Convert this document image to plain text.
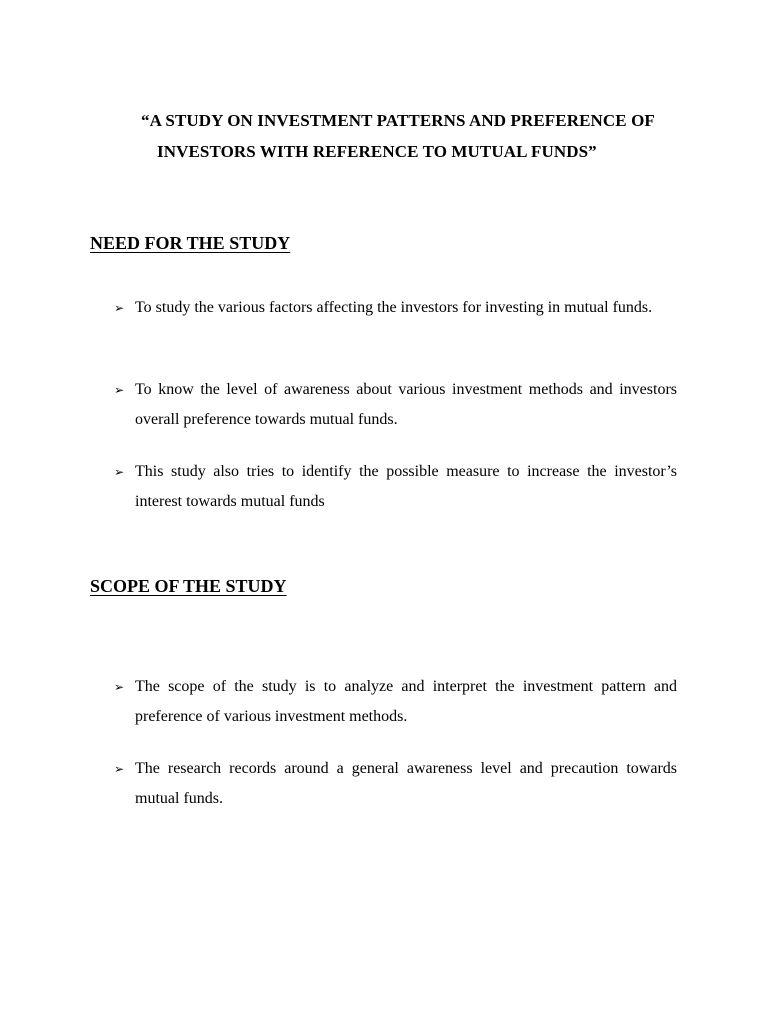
“A STUDY ON INVESTMENT PATTERNS AND PREFERENCE OF
INVESTORS WITH REFERENCE TO MUTUAL FUNDS”
NEED FOR THE STUDY
➢ To study the various factors affecting the investors for investing in mutual funds.
➢ To know the level of awareness about various investment methods and investors overall preference towards mutual funds.
➢ This study also tries to identify the possible measure to increase the investor’s interest towards mutual funds
SCOPE OF THE STUDY
➢ The scope of the study is to analyze and interpret the investment pattern and preference of various investment methods.
➢ The research records around a general awareness level and precaution towards mutual funds.
